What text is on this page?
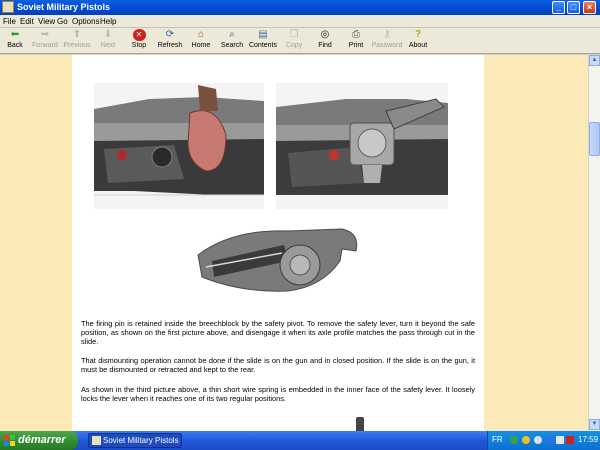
Soviet Military Pistols	_	□	×
File Edit View Go Options Help
⬅
Back
➡
Forward
⬆
Previous
⬇
Next
✕
Stop
⟳
Refresh
⌂
Home
⌕
Search
▤
Contents
❐
Copy
◎
Find
⎙
Print
⚷
Password
?
About

The firing pin is retained inside the breechblock by the safety pivot. To remove the safety lever, turn it beyond the safe position, as shown on the first picture above, and disengage it when its axle profile matches the pass through cut in the slide.

That dismounting operation cannot be done if the slide is on the gun and in closed position. If the slide is on the gun, it must be dismounted or retracted and kept to the rear.

As shown in the third picture above, a thin short wire spring is embedded in the inner face of the safety lever. It loosely locks the lever when it reaches one of its two regular positions.

▲
▼
démarrer	Soviet Military Pistols	FR	17:59
